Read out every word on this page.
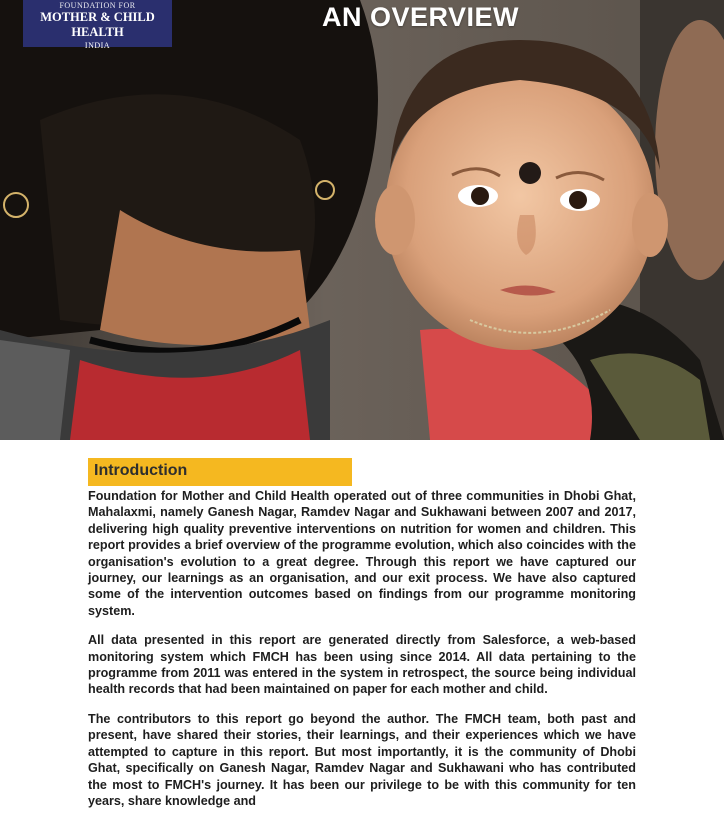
FOUNDATION FOR
MOTHER & CHILD HEALTH
INDIA
AN OVERVIEW
Introduction

Foundation for Mother and Child Health operated out of three communities in Dhobi Ghat, Mahalaxmi, namely Ganesh Nagar, Ramdev Nagar and Sukhawani between 2007 and 2017, delivering high quality preventive interventions on nutrition for women and children. This report provides a brief overview of the programme evolution, which also coincides with the organisation's evolution to a great degree. Through this report we have captured our journey, our learnings as an organisation, and our exit process. We have also captured some of the intervention outcomes based on findings from our programme monitoring system.

All data presented in this report are generated directly from Salesforce, a web-based monitoring system which FMCH has been using since 2014. All data pertaining to the programme from 2011 was entered in the system in retrospect, the source being individual health records that had been maintained on paper for each mother and child.

The contributors to this report go beyond the author. The FMCH team, both past and present, have shared their stories, their learnings, and their experiences which we have attempted to capture in this report. But most importantly, it is the community of Dhobi Ghat, specifically on Ganesh Nagar, Ramdev Nagar and Sukhawani who has contributed the most to FMCH's journey. It has been our privilege to be with this community for ten years, share knowledge and
